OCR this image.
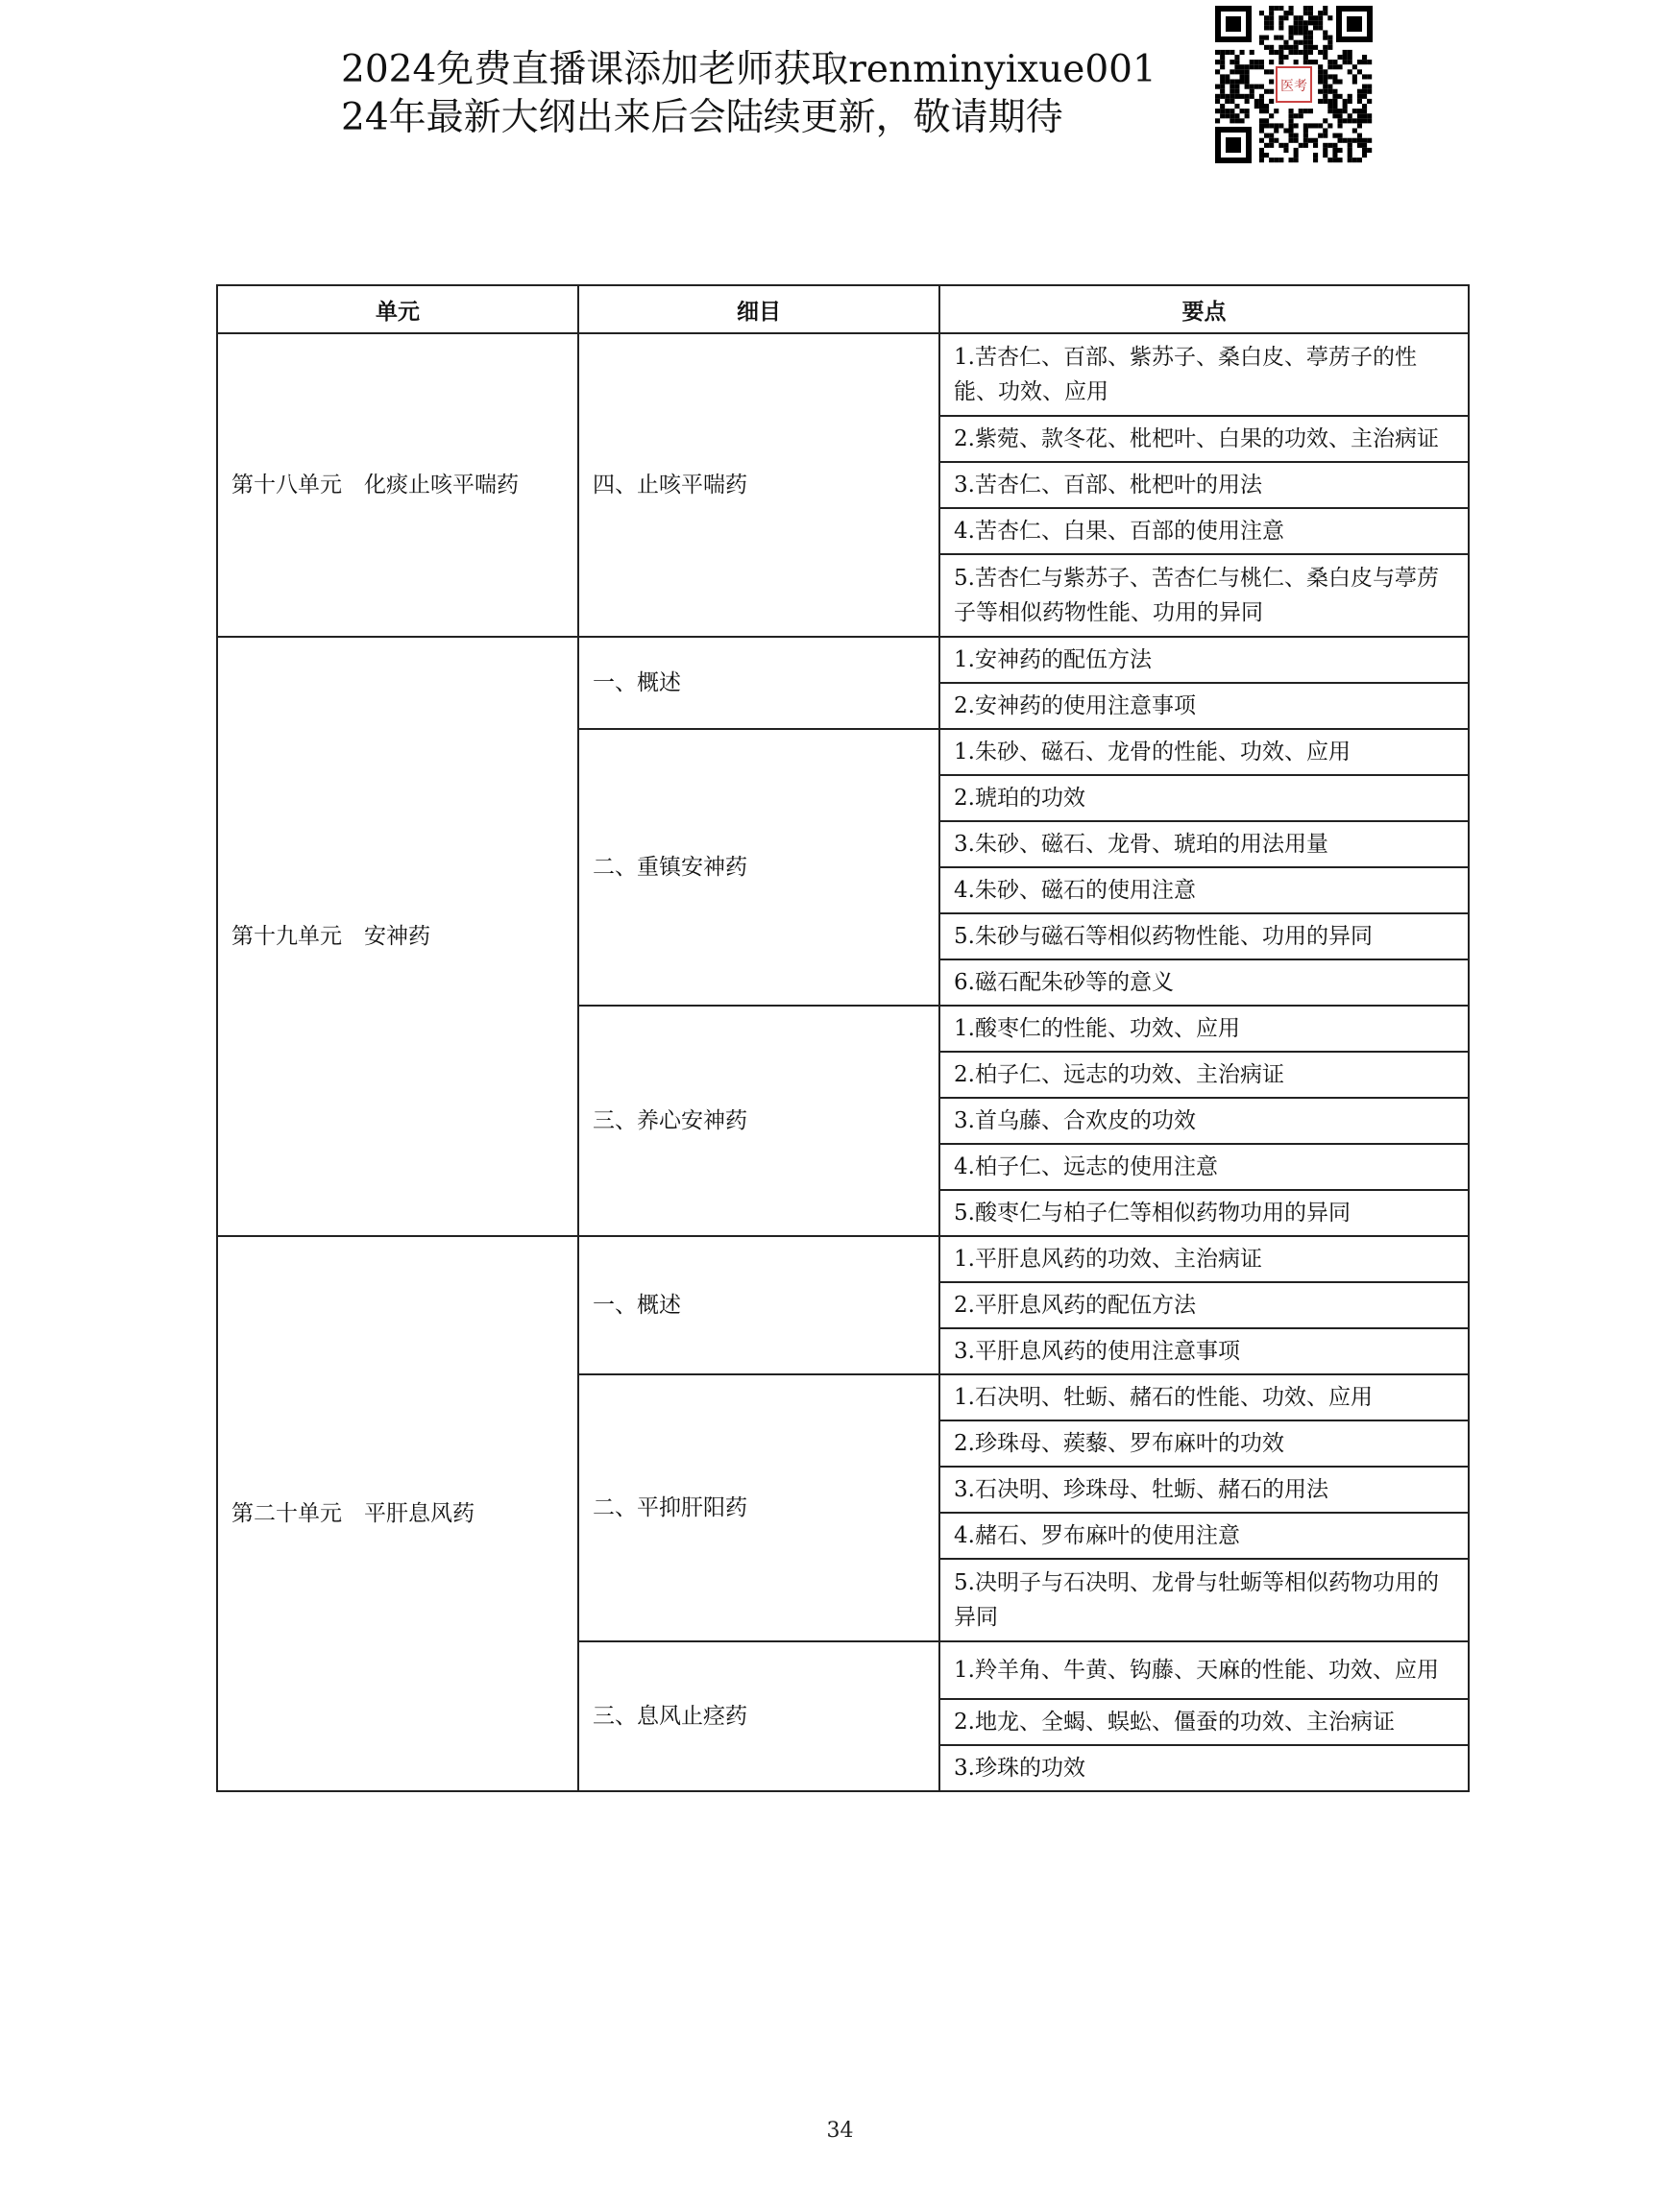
2024免费直播课添加老师获取renminyixue001
24年最新大纲出来后会陆续更新，敬请期待
医考
单元	细目	要点
第十八单元　化痰止咳平喘药	四、止咳平喘药	1.苦杏仁、百部、紫苏子、桑白皮、葶苈子的性能、功效、应用
		2.紫菀、款冬花、枇杷叶、白果的功效、主治病证
		3.苦杏仁、百部、枇杷叶的用法
		4.苦杏仁、白果、百部的使用注意
		5.苦杏仁与紫苏子、苦杏仁与桃仁、桑白皮与葶苈子等相似药物性能、功用的异同
第十九单元　安神药	一、概述	1.安神药的配伍方法
		2.安神药的使用注意事项
	二、重镇安神药	1.朱砂、磁石、龙骨的性能、功效、应用
		2.琥珀的功效
		3.朱砂、磁石、龙骨、琥珀的用法用量
		4.朱砂、磁石的使用注意
		5.朱砂与磁石等相似药物性能、功用的异同
		6.磁石配朱砂等的意义
	三、养心安神药	1.酸枣仁的性能、功效、应用
		2.柏子仁、远志的功效、主治病证
		3.首乌藤、合欢皮的功效
		4.柏子仁、远志的使用注意
		5.酸枣仁与柏子仁等相似药物功用的异同
第二十单元　平肝息风药	一、概述	1.平肝息风药的功效、主治病证
		2.平肝息风药的配伍方法
		3.平肝息风药的使用注意事项
	二、平抑肝阳药	1.石决明、牡蛎、赭石的性能、功效、应用
		2.珍珠母、蒺藜、罗布麻叶的功效
		3.石决明、珍珠母、牡蛎、赭石的用法
		4.赭石、罗布麻叶的使用注意
		5.决明子与石决明、龙骨与牡蛎等相似药物功用的异同
	三、息风止痉药	1.羚羊角、牛黄、钩藤、天麻的性能、功效、应用
		2.地龙、全蝎、蜈蚣、僵蚕的功效、主治病证
		3.珍珠的功效
34
